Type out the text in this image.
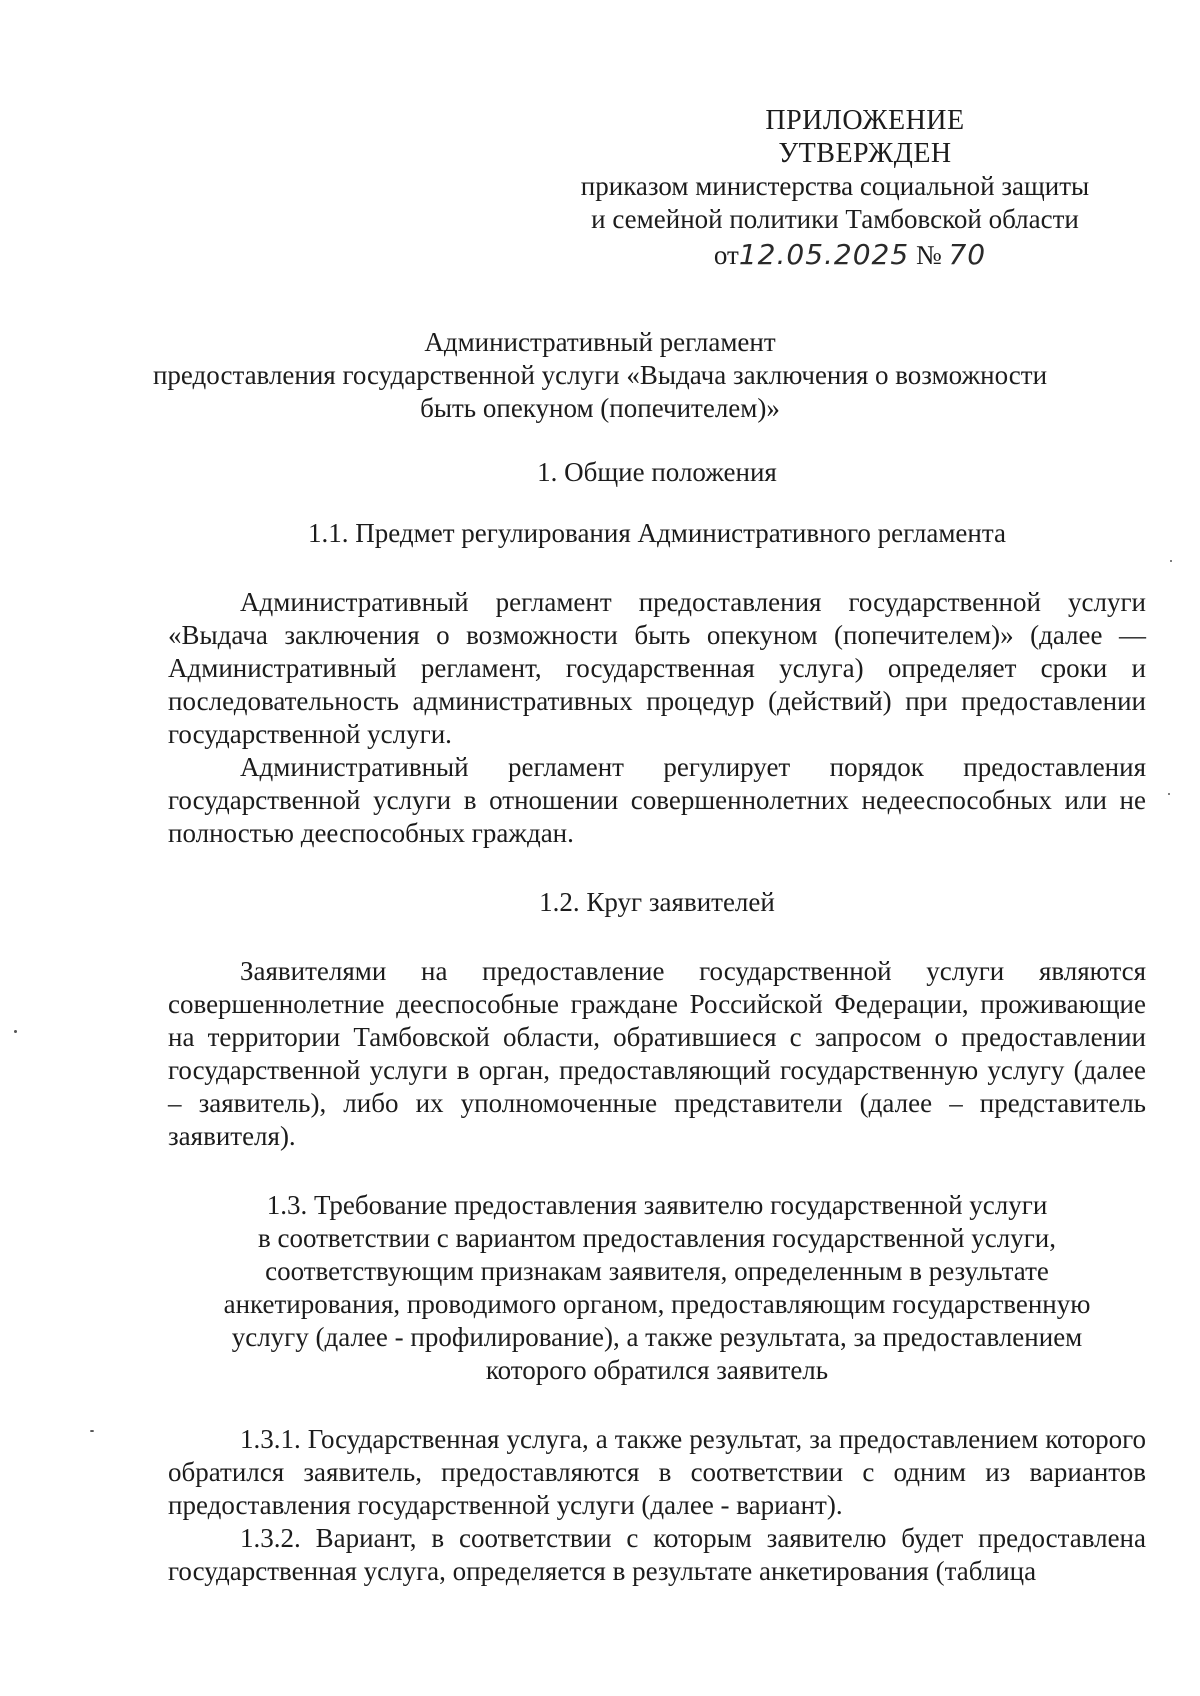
ПРИЛОЖЕНИЕ
УТВЕРЖДЕН
приказом министерства социальной защиты
и семейной политики Тамбовской области
от12.05.2025 № 70
Административный регламент
предоставления государственной услуги «Выдача заключения о возможности
быть опекуном (попечителем)»
1. Общие положения
1.1. Предмет регулирования Административного регламента

Административный регламент предоставления государственной услуги «Выдача заключения о возможности быть опекуном (попечителем)» (далее — Административный регламент, государственная услуга) определяет сроки и последовательность административных процедур (действий) при предоставлении государственной услуги.

Административный регламент регулирует порядок предоставления государственной услуги в отношении совершеннолетних недееспособных или не полностью дееспособных граждан.

1.2. Круг заявителей

Заявителями на предоставление государственной услуги являются совершеннолетние дееспособные граждане Российской Федерации, проживающие на территории Тамбовской области, обратившиеся с запросом о предоставлении государственной услуги в орган, предоставляющий государственную услугу (далее – заявитель), либо их уполномоченные представители (далее – представитель заявителя).

1.3. Требование предоставления заявителю государственной услуги
в соответствии с вариантом предоставления государственной услуги,
соответствующим признакам заявителя, определенным в результате
анкетирования, проводимого органом, предоставляющим государственную
услугу (далее - профилирование), а также результата, за предоставлением
которого обратился заявитель

1.3.1. Государственная услуга, а также результат, за предоставлением которого обратился заявитель, предоставляются в соответствии с одним из вариантов предоставления государственной услуги (далее - вариант).

1.3.2. Вариант, в соответствии с которым заявителю будет предоставлена государственная услуга, определяется в результате анкетирования (таблица
